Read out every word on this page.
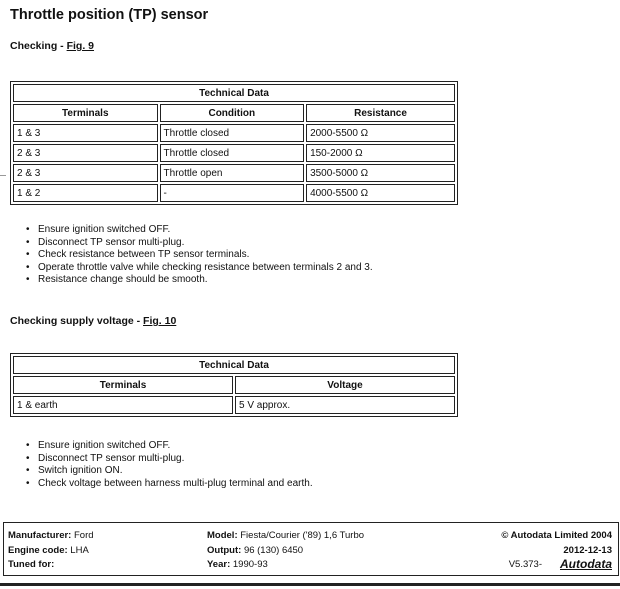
Throttle position (TP) sensor
Checking - Fig. 9
Technical Data		
Terminals	Condition	Resistance
1 & 3	Throttle closed	2000-5500 Ω
2 & 3	Throttle closed	150-2000 Ω
2 & 3	Throttle open	3500-5000 Ω
1 & 2	-	4000-5500 Ω
• Ensure ignition switched OFF.
• Disconnect TP sensor multi-plug.
• Check resistance between TP sensor terminals.
• Operate throttle valve while checking resistance between terminals 2 and 3.
• Resistance change should be smooth.
Checking supply voltage - Fig. 10
Technical Data	
Terminals	Voltage
1 & earth	5 V approx.
• Ensure ignition switched OFF.
• Disconnect TP sensor multi-plug.
• Switch ignition ON.
• Check voltage between harness multi-plug terminal and earth.
Manufacturer: Ford	Model: Fiesta/Courier ('89) 1,6 Turbo	© Autodata Limited 2004
Engine code: LHA	Output: 96 (130) 6450	2012-12-13
Tuned for:	Year: 1990-93	V5.373- Autodata
